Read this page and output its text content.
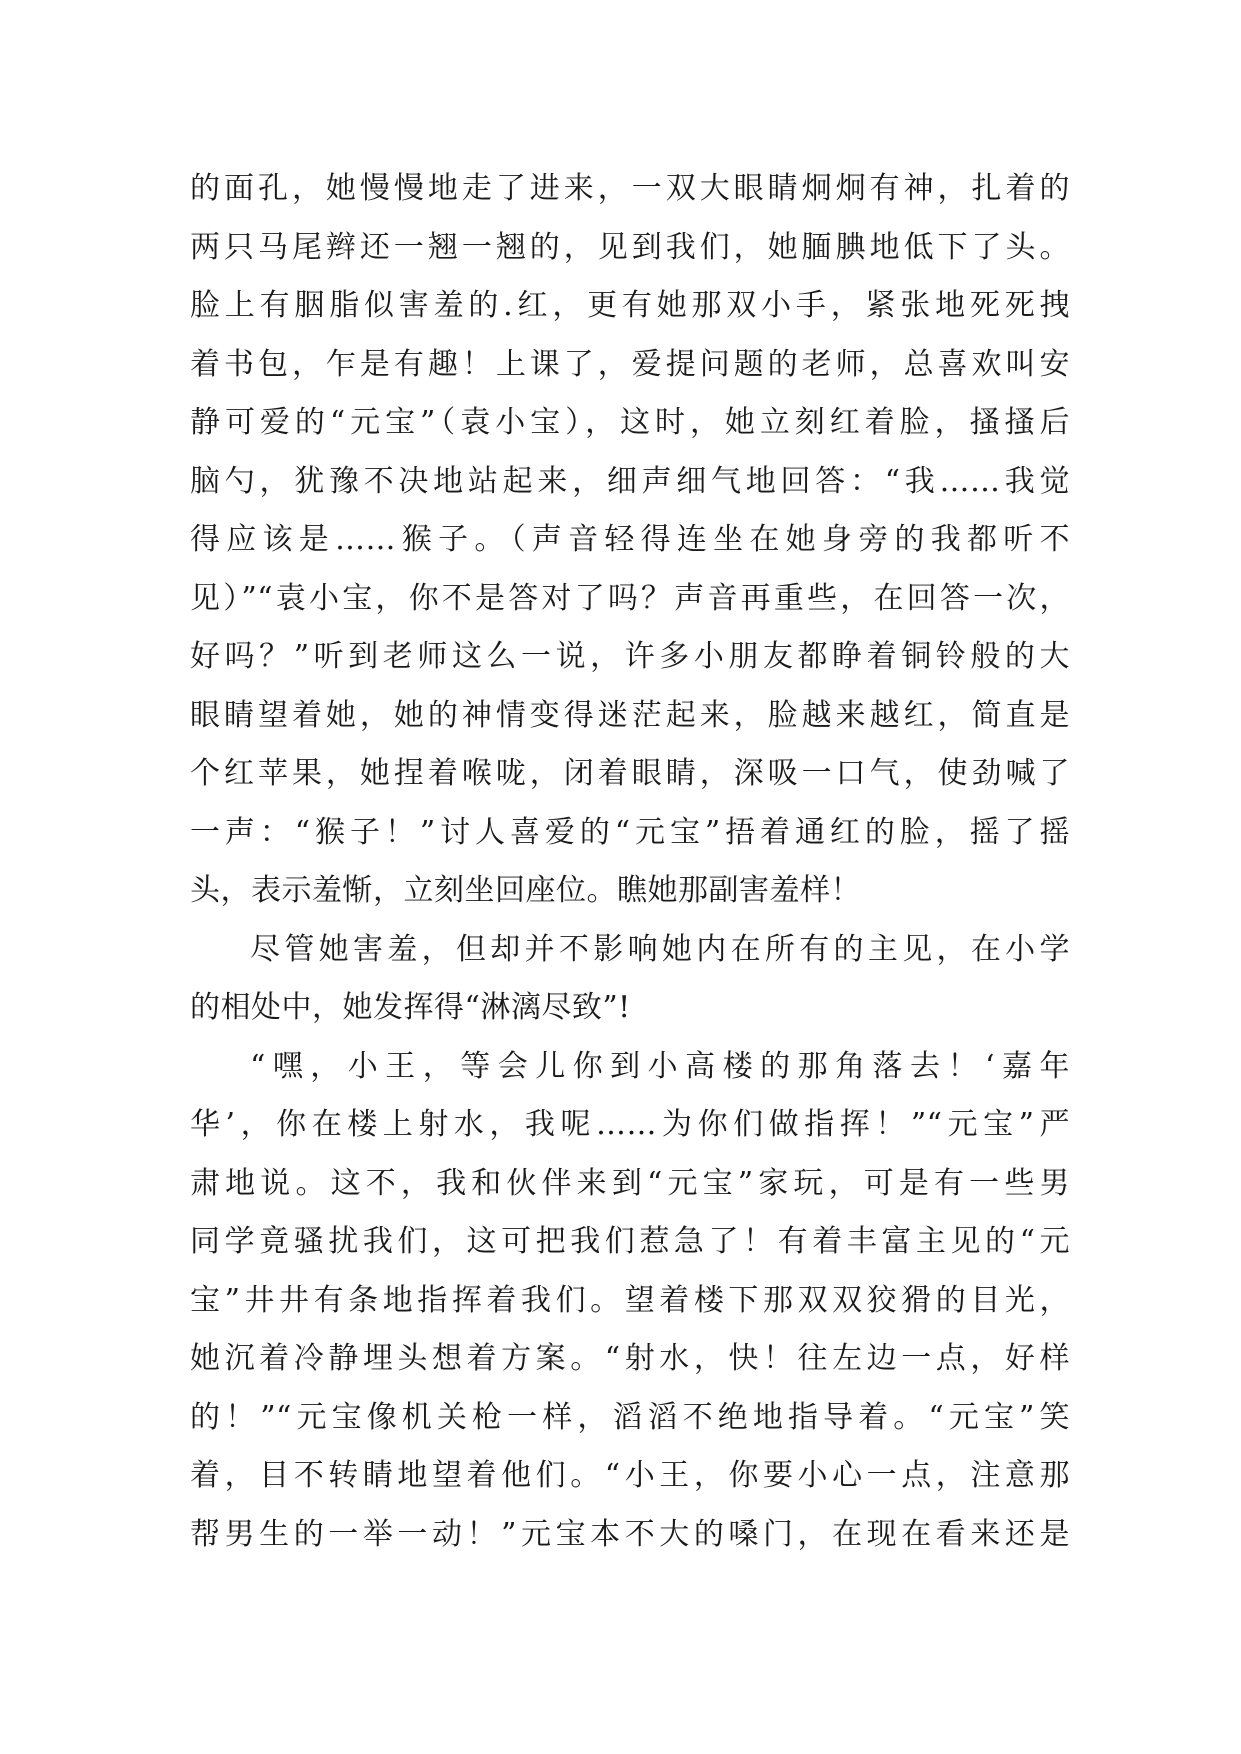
的面孔，她慢慢地走了进来，一双大眼睛炯炯有神，扎着的
两只马尾辫还一翘一翘的，见到我们，她腼腆地低下了头。
脸上有胭脂似害羞的.红，更有她那双小手，紧张地死死拽
着书包，乍是有趣！上课了，爱提问题的老师，总喜欢叫安
静可爱的“元宝”（袁小宝），这时，她立刻红着脸，搔搔后
脑勺，犹豫不决地站起来，细声细气地回答：“我……我觉
得应该是……猴子。（声音轻得连坐在她身旁的我都听不
见）”“袁小宝，你不是答对了吗？声音再重些，在回答一次，
好吗？”听到老师这么一说，许多小朋友都睁着铜铃般的大
眼睛望着她，她的神情变得迷茫起来，脸越来越红，简直是
个红苹果，她捏着喉咙，闭着眼睛，深吸一口气，使劲喊了
一声：“猴子！”讨人喜爱的“元宝”捂着通红的脸，摇了摇
头，表示羞惭，立刻坐回座位。瞧她那副害羞样！
尽管她害羞，但却并不影响她内在所有的主见，在小学
的相处中，她发挥得“淋漓尽致”!
“嘿，小王，等会儿你到小高楼的那角落去！‘嘉年
华’，你在楼上射水，我呢……为你们做指挥！”“元宝”严
肃地说。这不，我和伙伴来到“元宝”家玩，可是有一些男
同学竟骚扰我们，这可把我们惹急了！有着丰富主见的“元
宝”井井有条地指挥着我们。望着楼下那双双狡猾的目光，
她沉着冷静埋头想着方案。“射水，快！往左边一点，好样
的！”“元宝像机关枪一样，滔滔不绝地指导着。“元宝”笑
着，目不转睛地望着他们。“小王，你要小心一点，注意那
帮男生的一举一动！”元宝本不大的嗓门，在现在看来还是
